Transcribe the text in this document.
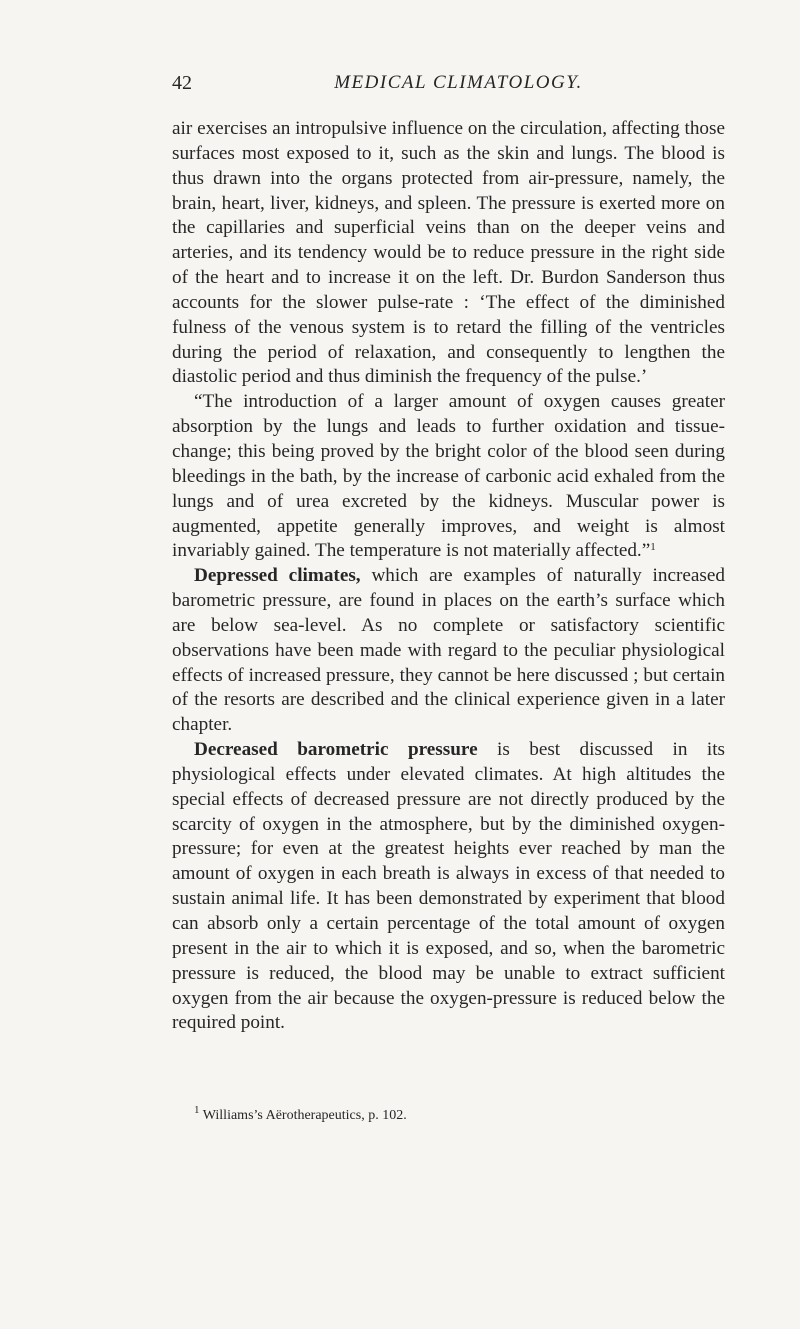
42	MEDICAL CLIMATOLOGY.

air exercises an intropulsive influence on the circulation, affecting those surfaces most exposed to it, such as the skin and lungs. The blood is thus drawn into the organs protected from air-pressure, namely, the brain, heart, liver, kidneys, and spleen. The pressure is exerted more on the capillaries and superficial veins than on the deeper veins and arteries, and its tendency would be to reduce pressure in the right side of the heart and to increase it on the left. Dr. Burdon Sanderson thus accounts for the slower pulse-rate : ‘The effect of the diminished fulness of the venous system is to retard the filling of the ventricles during the period of relaxation, and consequently to lengthen the diastolic period and thus diminish the frequency of the pulse.’

“The introduction of a larger amount of oxygen causes greater absorption by the lungs and leads to further oxidation and tissue-change; this being proved by the bright color of the blood seen during bleedings in the bath, by the increase of carbonic acid exhaled from the lungs and of urea excreted by the kidneys. Muscular power is augmented, appetite generally improves, and weight is almost invariably gained. The temperature is not materially affected.”$^1$

Depressed climates, which are examples of naturally increased barometric pressure, are found in places on the earth’s surface which are below sea-level. As no complete or satisfactory scientific observations have been made with regard to the peculiar physiological effects of increased pressure, they cannot be here discussed ; but certain of the resorts are described and the clinical experience given in a later chapter.

Decreased barometric pressure is best discussed in its physiological effects under elevated climates. At high altitudes the special effects of decreased pressure are not directly produced by the scarcity of oxygen in the atmosphere, but by the diminished oxygen-pressure; for even at the greatest heights ever reached by man the amount of oxygen in each breath is always in excess of that needed to sustain animal life. It has been demonstrated by experiment that blood can absorb only a certain percentage of the total amount of oxygen present in the air to which it is exposed, and so, when the barometric pressure is reduced, the blood may be unable to extract sufficient oxygen from the air because the oxygen-pressure is reduced below the required point.

$^1$ Williams’s Aërotherapeutics, p. 102.
